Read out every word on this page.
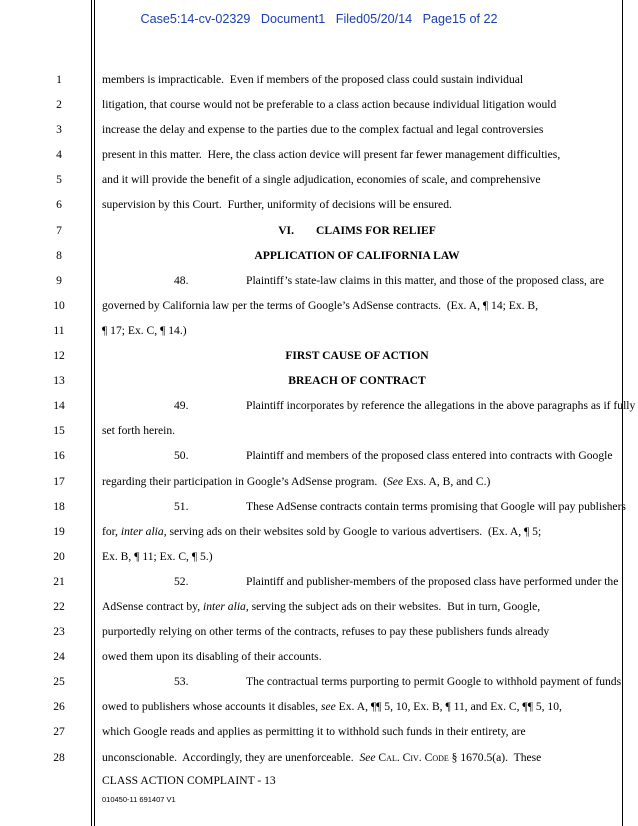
Case5:14-cv-02329   Document1   Filed05/20/14   Page15 of 22
1
2
3
4
5
6
7
8
9
10
11
12
13
14
15
16
17
18
19
20
21
22
23
24
25
26
27
28
members is impracticable.  Even if members of the proposed class could sustain individual
litigation, that course would not be preferable to a class action because individual litigation would
increase the delay and expense to the parties due to the complex factual and legal controversies
present in this matter.  Here, the class action device will present far fewer management difficulties,
and it will provide the benefit of a single adjudication, economies of scale, and comprehensive
supervision by this Court.  Further, uniformity of decisions will be ensured.
VI. CLAIMS FOR RELIEF
APPLICATION OF CALIFORNIA LAW
48.	Plaintiff’s state-law claims in this matter, and those of the proposed class, are
governed by California law per the terms of Google’s AdSense contracts.  (Ex. A, ¶ 14; Ex. B,
¶ 17; Ex. C, ¶ 14.)
FIRST CAUSE OF ACTION
BREACH OF CONTRACT
49.	Plaintiff incorporates by reference the allegations in the above paragraphs as if fully
set forth herein.
50.	Plaintiff and members of the proposed class entered into contracts with Google
regarding their participation in Google’s AdSense program.  (See Exs. A, B, and C.)
51.	These AdSense contracts contain terms promising that Google will pay publishers
for, inter alia, serving ads on their websites sold by Google to various advertisers.  (Ex. A, ¶ 5;
Ex. B, ¶ 11; Ex. C, ¶ 5.)
52.	Plaintiff and publisher-members of the proposed class have performed under the
AdSense contract by, inter alia, serving the subject ads on their websites.  But in turn, Google,
purportedly relying on other terms of the contracts, refuses to pay these publishers funds already
owed them upon its disabling of their accounts.
53.	The contractual terms purporting to permit Google to withhold payment of funds
owed to publishers whose accounts it disables, see Ex. A, ¶¶ 5, 10, Ex. B, ¶ 11, and Ex. C, ¶¶ 5, 10,
which Google reads and applies as permitting it to withhold such funds in their entirety, are
unconscionable.  Accordingly, they are unenforceable.  See Cal. Civ. Code § 1670.5(a).  These
CLASS ACTION COMPLAINT - 13
010450-11 691407 V1
